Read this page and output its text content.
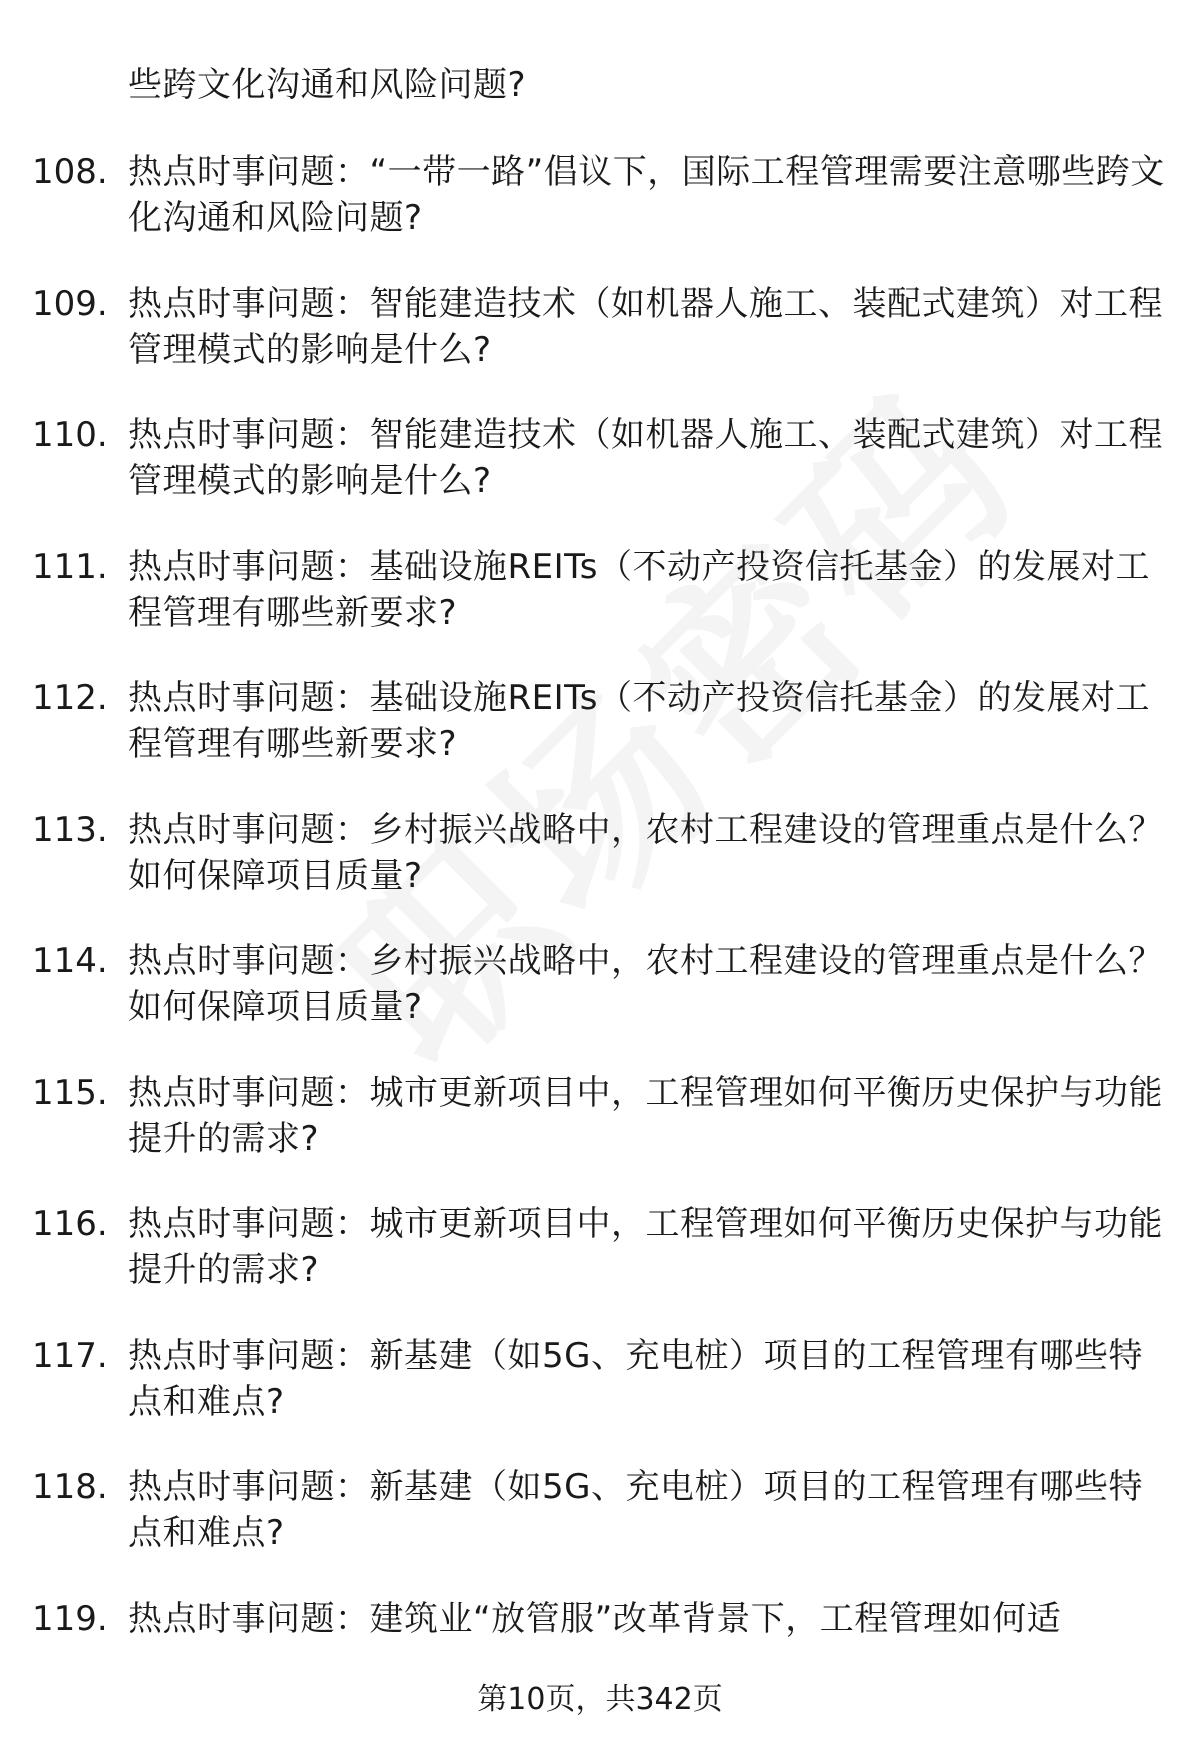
些跨文化沟通和风险问题?
108. 热点时事问题：“一带一路”倡议下，国际工程管理需要注意哪些跨文化沟通和风险问题?
109. 热点时事问题：智能建造技术（如机器人施工、装配式建筑）对工程管理模式的影响是什么?
110. 热点时事问题：智能建造技术（如机器人施工、装配式建筑）对工程管理模式的影响是什么?
111. 热点时事问题：基础设施REITs（不动产投资信托基金）的发展对工程管理有哪些新要求?
112. 热点时事问题：基础设施REITs（不动产投资信托基金）的发展对工程管理有哪些新要求?
113. 热点时事问题：乡村振兴战略中，农村工程建设的管理重点是什么？如何保障项目质量?
114. 热点时事问题：乡村振兴战略中，农村工程建设的管理重点是什么？如何保障项目质量?
115. 热点时事问题：城市更新项目中，工程管理如何平衡历史保护与功能提升的需求?
116. 热点时事问题：城市更新项目中，工程管理如何平衡历史保护与功能提升的需求?
117. 热点时事问题：新基建（如5G、充电桩）项目的工程管理有哪些特点和难点?
118. 热点时事问题：新基建（如5G、充电桩）项目的工程管理有哪些特点和难点?
119. 热点时事问题：建筑业“放管服”改革背景下，工程管理如何适
第10页，共342页
